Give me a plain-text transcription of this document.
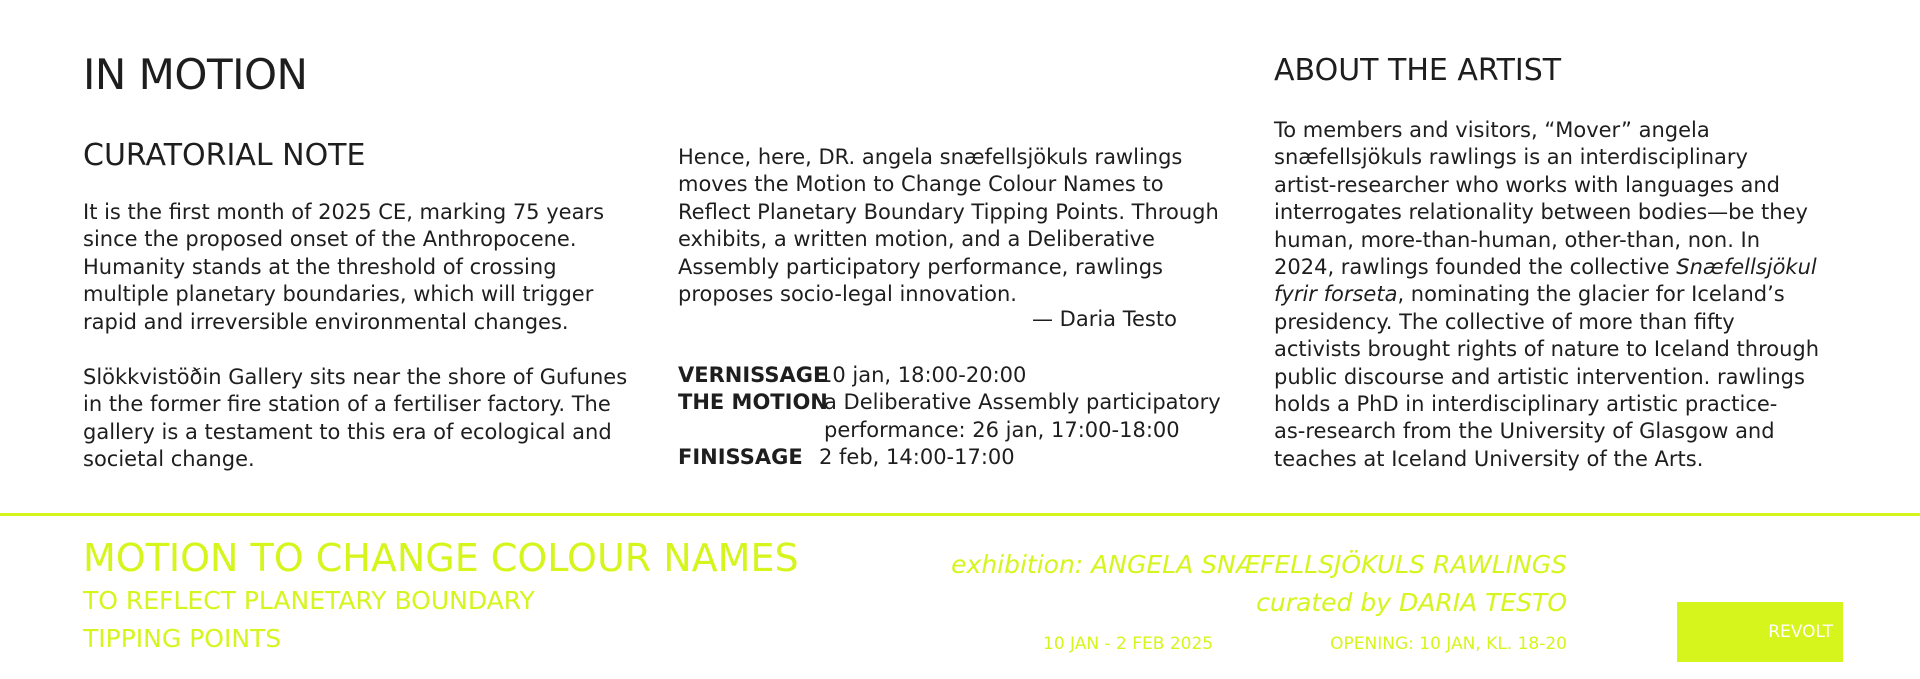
IN MOTION
CURATORIAL NOTE

It is the first month of 2025 CE, marking 75 years
since the proposed onset of the Anthropocene.
Humanity stands at the threshold of crossing
multiple planetary boundaries, which will trigger
rapid and irreversible environmental changes.

Slökkvistöðin Gallery sits near the shore of Gufunes
in the former fire station of a fertiliser factory. The
gallery is a testament to this era of ecological and
societal change.

Hence, here, DR. angela snæfellsjökuls rawlings
moves the Motion to Change Colour Names to
Reflect Planetary Boundary Tipping Points. Through
exhibits, a written motion, and a Deliberative
Assembly participatory performance, rawlings
proposes socio-legal innovation.

— Daria Testo

VERNISSAGE
10 jan, 18:00-20:00
THE MOTION
a Deliberative Assembly participatory
performance: 26 jan, 17:00-18:00
FINISSAGE 2 feb, 14:00-17:00
ABOUT THE ARTIST

To members and visitors, “Mover” angela
snæfellsjökuls rawlings is an interdisciplinary
artist-researcher who works with languages and
interrogates relationality between bodies—be they
human, more-than-human, other-than, non. In
2024, rawlings founded the collective Snæfellsjökul
fyrir forseta, nominating the glacier for Iceland’s
presidency. The collective of more than fifty
activists brought rights of nature to Iceland through
public discourse and artistic intervention. rawlings
holds a PhD in interdisciplinary artistic practice-
as-research from the University of Glasgow and
teaches at Iceland University of the Arts.

MOTION TO CHANGE COLOUR NAMES

TO REFLECT PLANETARY BOUNDARY

TIPPING POINTS

exhibition: ANGELA SNÆFELLSJÖKULS RAWLINGS

curated by DARIA TESTO

10 JAN - 2 FEB 2025	OPENING: 10 JAN, KL. 18-20

REVOLT
